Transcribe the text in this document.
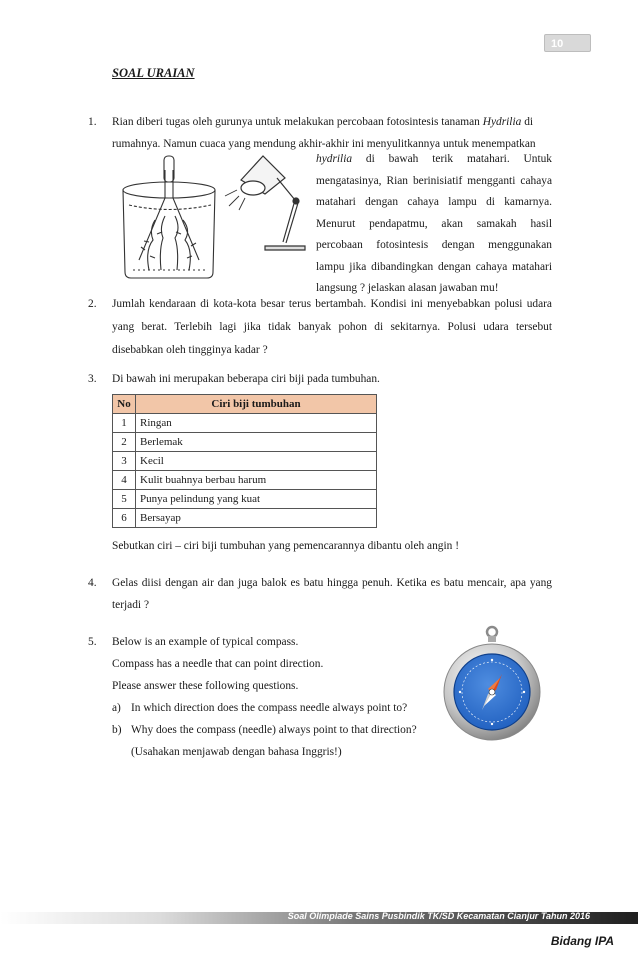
10
SOAL URAIAN
1. Rian diberi tugas oleh gurunya untuk melakukan percobaan fotosintesis tanaman Hydrilia di
rumahnya. Namun cuaca yang mendung akhir-akhir ini menyulitkannya untuk menempatkan
hydrilia di bawah terik matahari. Untuk
mengatasinya, Rian berinisiatif mengganti cahaya
matahari dengan cahaya lampu di kamarnya.
Menurut pendapatmu, akan samakah hasil
percobaan fotosintesis dengan menggunakan
lampu jika dibandingkan dengan cahaya matahari
langsung ? jelaskan alasan jawaban mu!
2. Jumlah kendaraan di kota-kota besar terus bertambah. Kondisi ini menyebabkan polusi udara
yang berat. Terlebih lagi jika tidak banyak pohon di sekitarnya. Polusi udara tersebut
disebabkan oleh tingginya kadar ?
3. Di bawah ini merupakan beberapa ciri biji pada tumbuhan.
No	Ciri biji tumbuhan
1	Ringan
2	Berlemak
3	Kecil
4	Kulit buahnya berbau harum
5	Punya pelindung yang kuat
6	Bersayap
Sebutkan ciri – ciri biji tumbuhan yang pemencarannya dibantu oleh angin !
4. Gelas diisi dengan air dan juga balok es batu hingga penuh. Ketika es batu mencair, apa yang
terjadi ?
5. Below is an example of typical compass.
Compass has a needle that can point direction.
Please answer these following questions.
a) In which direction does the compass needle always point to?
b) Why does the compass (needle) always point to that direction?
(Usahakan menjawab dengan bahasa Inggris!)
Soal Olimpiade Sains Pusbindik TK/SD Kecamatan Cianjur Tahun 2016
Bidang IPA
